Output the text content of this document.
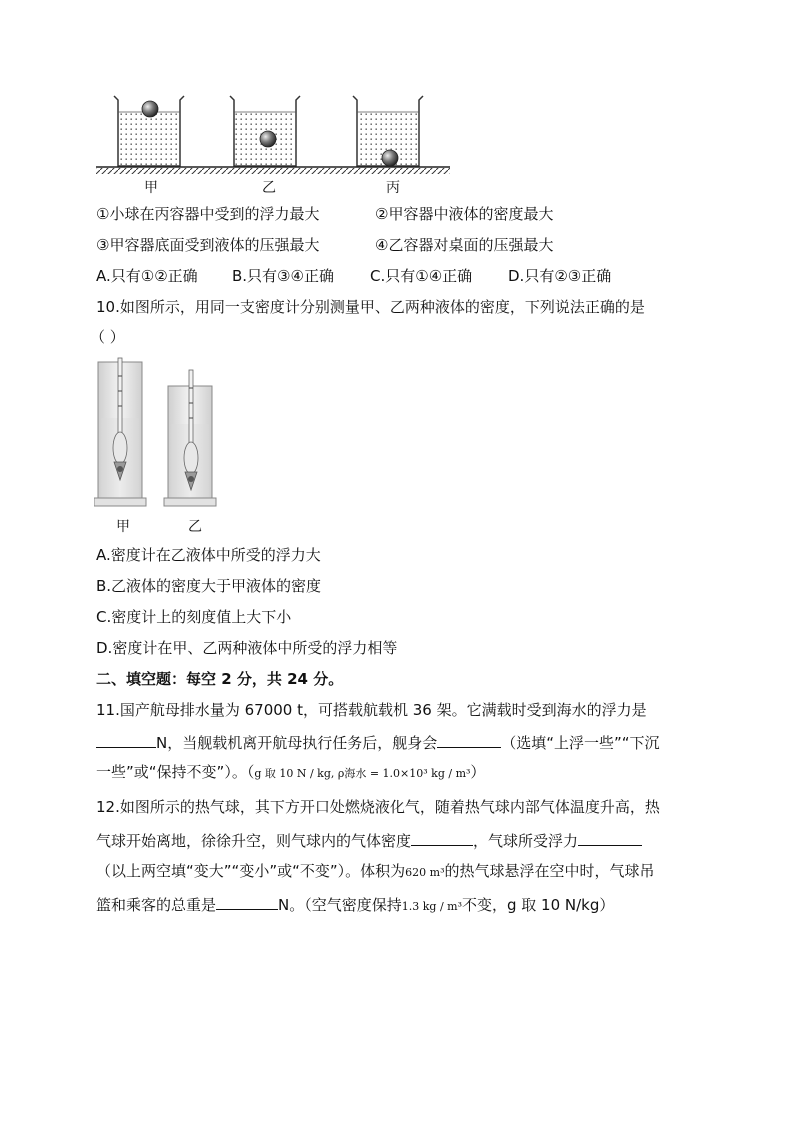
甲	乙	丙
①小球在丙容器中受到的浮力最大	②甲容器中液体的密度最大
③甲容器底面受到液体的压强最大	④乙容器对桌面的压强最大
A.只有①②正确 B.只有③④正确 C.只有①④正确 D.只有②③正确
10.如图所示，用同一支密度计分别测量甲、乙两种液体的密度，下列说法正确的是
（ ）
甲	乙
A.密度计在乙液体中所受的浮力大
B.乙液体的密度大于甲液体的密度
C.密度计上的刻度值上大下小
D.密度计在甲、乙两种液体中所受的浮力相等
二、填空题：每空 2 分，共 24 分。
11.国产航母排水量为 67000 t，可搭载航载机 36 架。它满载时受到海水的浮力是
N，当舰载机离开航母执行任务后，舰身会	（选填“上浮一些”“下沉
一些”或“保持不变”）。（g 取 10 N / kg, ρ海水 = 1.0×10³ kg / m³）
12.如图所示的热气球，其下方开口处燃烧液化气，随着热气球内部气体温度升高，热
气球开始离地，徐徐升空，则气球内的气体密度	，气球所受浮力
（以上两空填“变大”“变小”或“不变”）。体积为620 m³的热气球悬浮在空中时，气球吊
篮和乘客的总重是	N。（空气密度保持1.3 kg / m³不变，g 取 10 N/kg）
